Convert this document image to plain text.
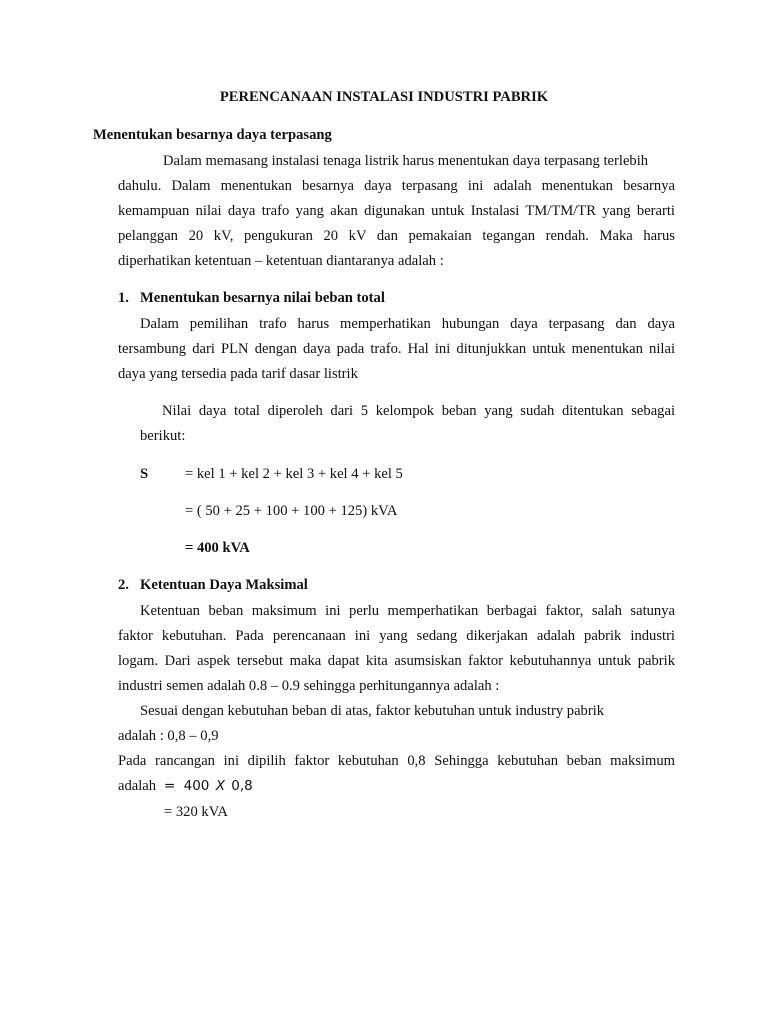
PERENCANAAN INSTALASI INDUSTRI PABRIK
Menentukan besarnya daya terpasang
Dalam memasang instalasi tenaga listrik harus menentukan daya terpasang terlebih
dahulu. Dalam menentukan besarnya daya terpasang ini adalah menentukan besarnya
kemampuan nilai daya trafo yang akan digunakan untuk Instalasi TM/TM/TR yang berarti
pelanggan 20 kV, pengukuran 20 kV dan pemakaian tegangan rendah. Maka harus
diperhatikan ketentuan – ketentuan diantaranya adalah :
1. Menentukan besarnya nilai beban total
Dalam pemilihan trafo harus memperhatikan hubungan daya terpasang dan daya
tersambung dari PLN dengan daya pada trafo. Hal ini ditunjukkan untuk menentukan nilai
daya yang tersedia pada tarif dasar listrik
Nilai daya total diperoleh dari 5 kelompok beban yang sudah ditentukan sebagai
berikut:
S	= kel 1 + kel 2 + kel 3 + kel 4 + kel 5
= ( 50 + 25 + 100 + 100 + 125) kVA
= 400 kVA
2. Ketentuan Daya Maksimal
Ketentuan beban maksimum ini perlu memperhatikan berbagai faktor, salah satunya
faktor kebutuhan. Pada perencanaan ini yang sedang dikerjakan adalah pabrik industri
logam. Dari aspek tersebut maka dapat kita asumsiskan faktor kebutuhannya untuk pabrik
industri semen adalah 0.8 – 0.9 sehingga perhitungannya adalah :
Sesuai dengan kebutuhan beban di atas, faktor kebutuhan untuk industry pabrik
adalah : 0,8 – 0,9
Pada rancangan ini dipilih faktor kebutuhan 0,8 Sehingga kebutuhan beban maksimum
adalah = 400 X 0,8
= 320 kVA
